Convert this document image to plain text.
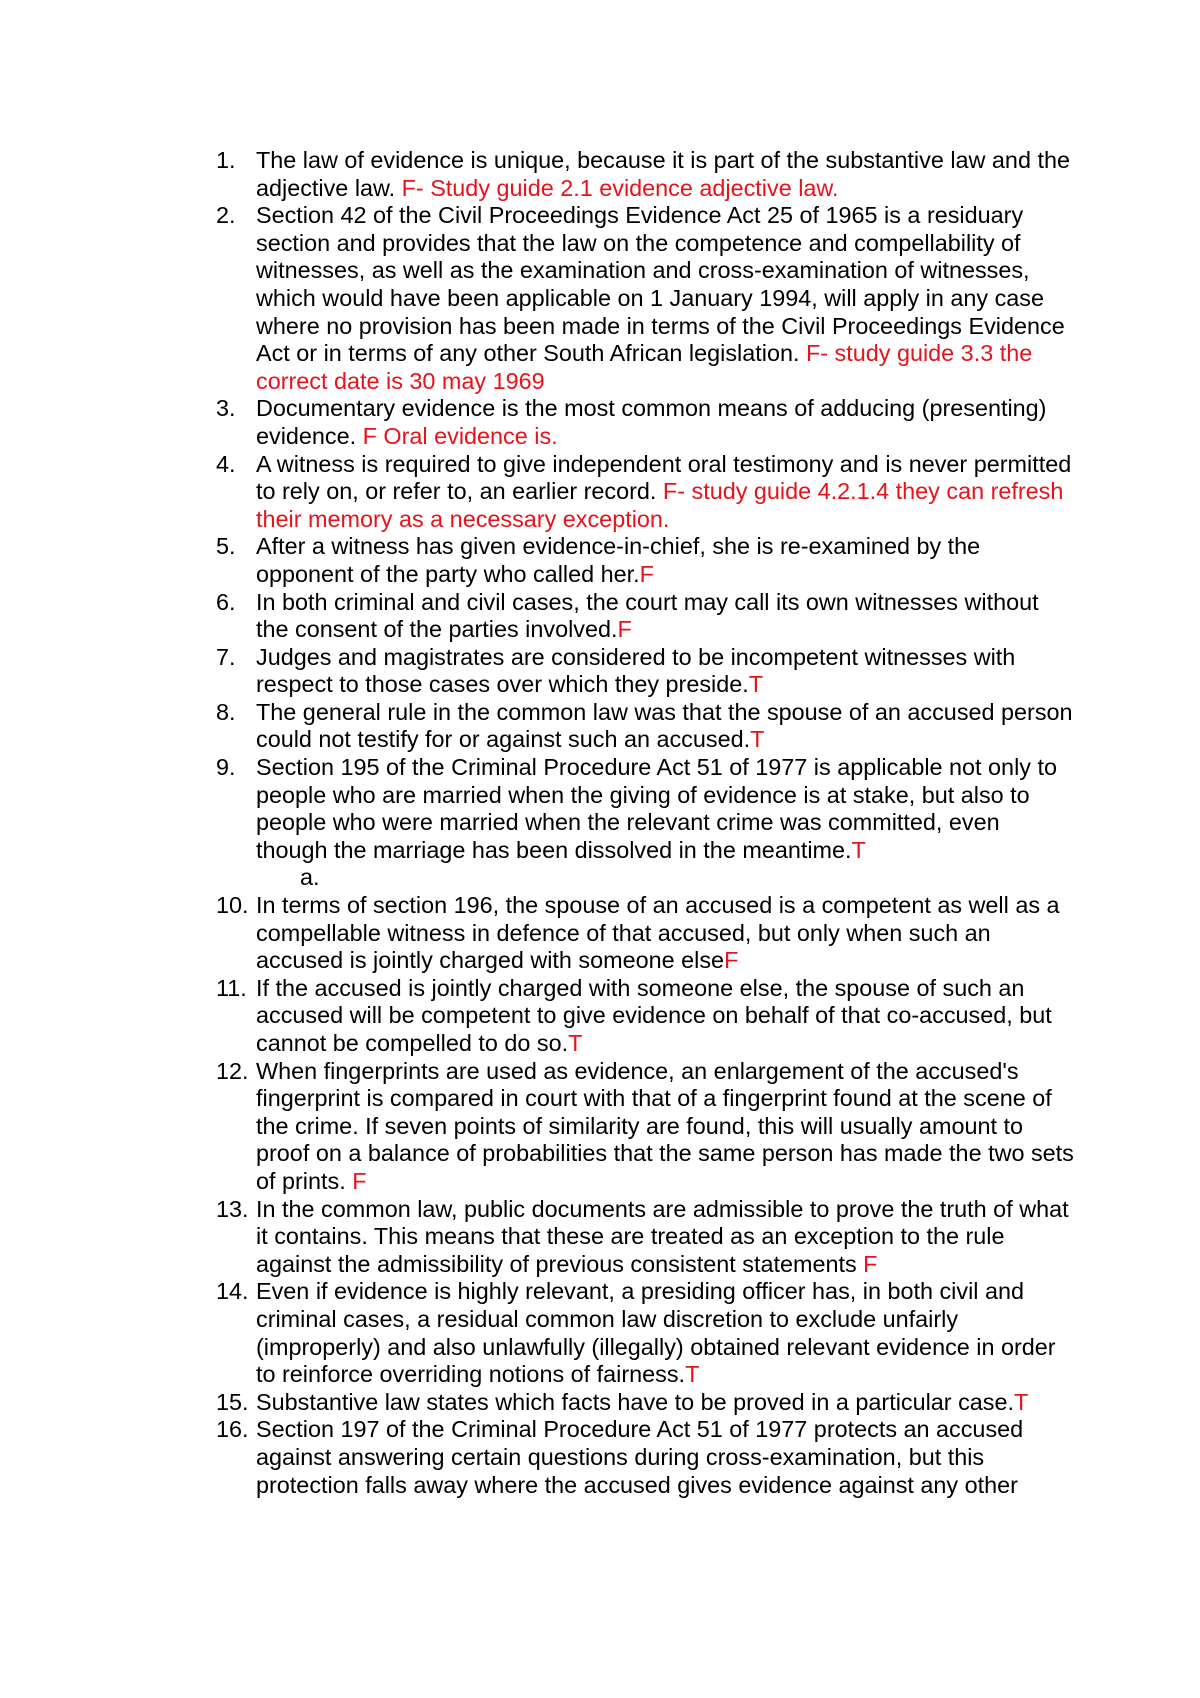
1. The law of evidence is unique, because it is part of the substantive law and the adjective law. F- Study guide 2.1 evidence adjective law.
2. Section 42 of the Civil Proceedings Evidence Act 25 of 1965 is a residuary section and provides that the law on the competence and compellability of witnesses, as well as the examination and cross-examination of witnesses, which would have been applicable on 1 January 1994, will apply in any case where no provision has been made in terms of the Civil Proceedings Evidence Act or in terms of any other South African legislation. F- study guide 3.3 the correct date is 30 may 1969
3. Documentary evidence is the most common means of adducing (presenting) evidence. F Oral evidence is.
4. A witness is required to give independent oral testimony and is never permitted to rely on, or refer to, an earlier record. F- study guide 4.2.1.4 they can refresh their memory as a necessary exception.
5. After a witness has given evidence-in-chief, she is re-examined by the opponent of the party who called her.F
6. In both criminal and civil cases, the court may call its own witnesses without the consent of the parties involved.F
7. Judges and magistrates are considered to be incompetent witnesses with respect to those cases over which they preside.T
8. The general rule in the common law was that the spouse of an accused person could not testify for or against such an accused.T
9. Section 195 of the Criminal Procedure Act 51 of 1977 is applicable not only to people who are married when the giving of evidence is at stake, but also to people who were married when the relevant crime was committed, even though the marriage has been dissolved in the meantime.T
a.
10. In terms of section 196, the spouse of an accused is a competent as well as a compellable witness in defence of that accused, but only when such an accused is jointly charged with someone elseF
11. If the accused is jointly charged with someone else, the spouse of such an accused will be competent to give evidence on behalf of that co-accused, but cannot be compelled to do so.T
12. When fingerprints are used as evidence, an enlargement of the accused's fingerprint is compared in court with that of a fingerprint found at the scene of the crime. If seven points of similarity are found, this will usually amount to proof on a balance of probabilities that the same person has made the two sets of prints. F
13. In the common law, public documents are admissible to prove the truth of what it contains. This means that these are treated as an exception to the rule against the admissibility of previous consistent statements F
14. Even if evidence is highly relevant, a presiding officer has, in both civil and criminal cases, a residual common law discretion to exclude unfairly (improperly) and also unlawfully (illegally) obtained relevant evidence in order to reinforce overriding notions of fairness.T
15. Substantive law states which facts have to be proved in a particular case.T
16. Section 197 of the Criminal Procedure Act 51 of 1977 protects an accused against answering certain questions during cross-examination, but this protection falls away where the accused gives evidence against any other
